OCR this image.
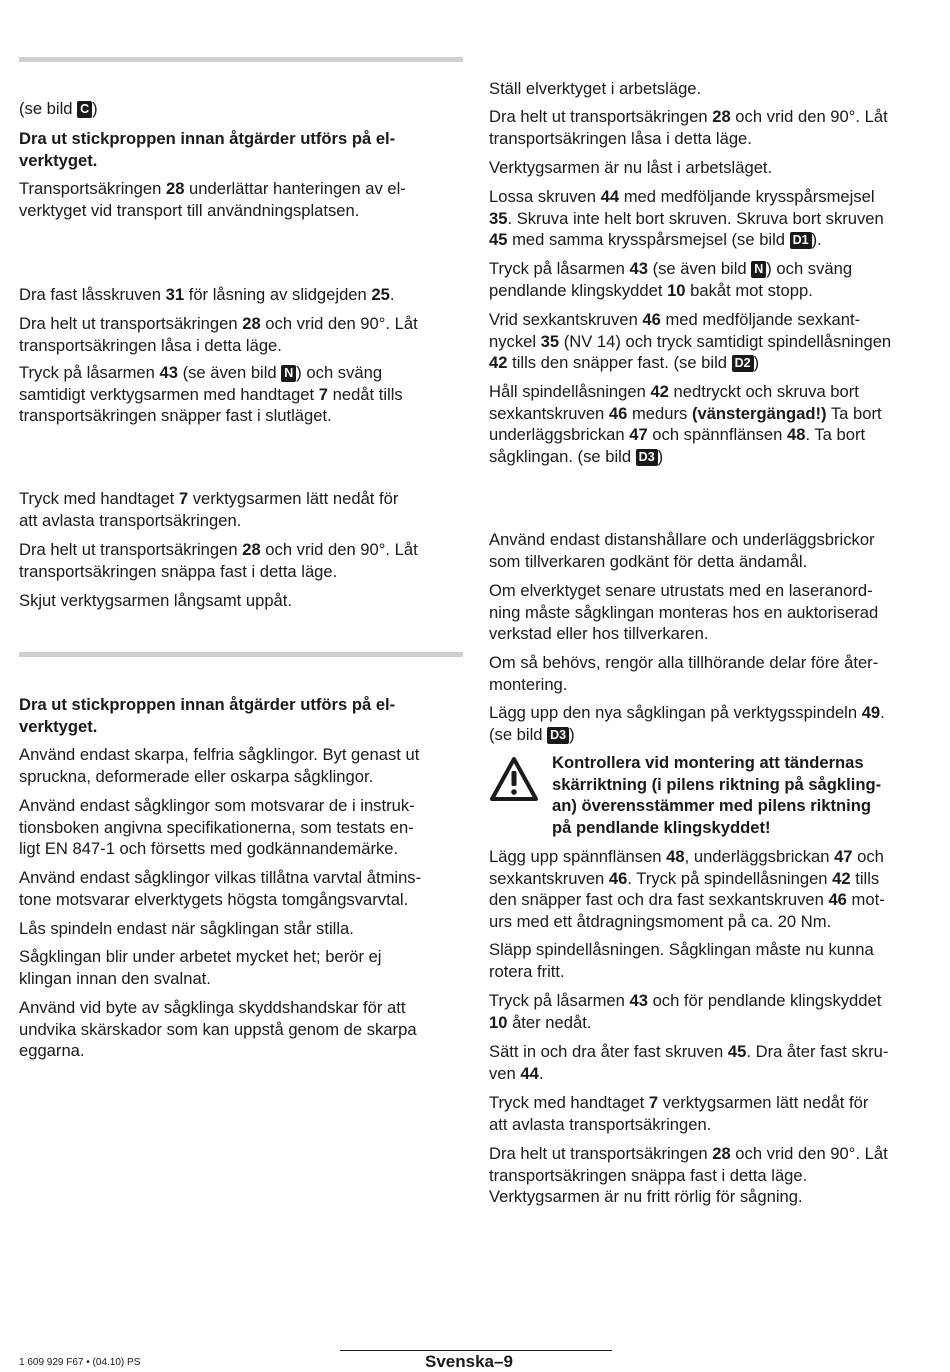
(se bild C )

Dra ut stickproppen innan åtgärder utförs på el-
verktyget.

Transportsäkringen 28 underlättar hanteringen av el-
verktyget vid transport till användningsplatsen.

Dra fast låsskruven 31 för låsning av slidgejden 25.

Dra helt ut transportsäkringen 28 och vrid den 90°. Låt
transportsäkringen låsa i detta läge.

Tryck på låsarmen 43 (se även bild N ) och sväng
samtidigt verktygsarmen med handtaget 7 nedåt tills
transportsäkringen snäpper fast i slutläget.

Tryck med handtaget 7 verktygsarmen lätt nedåt för
att avlasta transportsäkringen.

Dra helt ut transportsäkringen 28 och vrid den 90°. Låt
transportsäkringen snäppa fast i detta läge.

Skjut verktygsarmen långsamt uppåt.

Dra ut stickproppen innan åtgärder utförs på el-
verktyget.

Använd endast skarpa, felfria sågklingor. Byt genast ut
spruckna, deformerade eller oskarpa sågklingor.

Använd endast sågklingor som motsvarar de i instruk-
tionsboken angivna specifikationerna, som testats en-
ligt EN 847-1 och försetts med godkännandemärke.

Använd endast sågklingor vilkas tillåtna varvtal åtmins-
tone motsvarar elverktygets högsta tomgångsvarvtal.

Lås spindeln endast när sågklingan står stilla.

Sågklingan blir under arbetet mycket het; berör ej
klingan innan den svalnat.

Använd vid byte av sågklinga skyddshandskar för att
undvika skärskador som kan uppstå genom de skarpa
eggarna.

Ställ elverktyget i arbetsläge.

Dra helt ut transportsäkringen 28 och vrid den 90°. Låt
transportsäkringen låsa i detta läge.

Verktygsarmen är nu låst i arbetsläget.

Lossa skruven 44 med medföljande krysspårsmejsel
35. Skruva inte helt bort skruven. Skruva bort skruven
45 med samma krysspårsmejsel (se bild D1 ).

Tryck på låsarmen 43 (se även bild N ) och sväng
pendlande klingskyddet 10 bakåt mot stopp.

Vrid sexkantskruven 46 med medföljande sexkant-
nyckel 35 (NV 14) och tryck samtidigt spindellåsningen
42 tills den snäpper fast. (se bild D2 )

Håll spindellåsningen 42 nedtryckt och skruva bort
sexkantskruven 46 medurs (vänstergängad!) Ta bort
underläggsbrickan 47 och spännflänsen 48. Ta bort
sågklingan. (se bild D3 )

Använd endast distanshållare och underläggsbrickor
som tillverkaren godkänt för detta ändamål.

Om elverktyget senare utrustats med en laseranord-
ning måste sågklingan monteras hos en auktoriserad
verkstad eller hos tillverkaren.

Om så behövs, rengör alla tillhörande delar före åter-
montering.

Lägg upp den nya sågklingan på verktygsspindeln 49.
(se bild D3 )

Lägg upp spännflänsen 48, underläggsbrickan 47 och
sexkantskruven 46. Tryck på spindellåsningen 42 tills
den snäpper fast och dra fast sexkantskruven 46 mot-
urs med ett åtdragningsmoment på ca. 20 Nm.

Släpp spindellåsningen. Sågklingan måste nu kunna
rotera fritt.

Tryck på låsarmen 43 och för pendlande klingskyddet
10 åter nedåt.

Sätt in och dra åter fast skruven 45. Dra åter fast skru-
ven 44.

Tryck med handtaget 7 verktygsarmen lätt nedåt för
att avlasta transportsäkringen.

Dra helt ut transportsäkringen 28 och vrid den 90°. Låt
transportsäkringen snäppa fast i detta läge.
Verktygsarmen är nu fritt rörlig för sågning.

Kontrollera vid montering att tändernas
skärriktning (i pilens riktning på sågkling-
an) överensstämmer med pilens riktning
på pendlande klingskyddet!

1 609 929 F67 • (04.10) PS	Svenska–9
